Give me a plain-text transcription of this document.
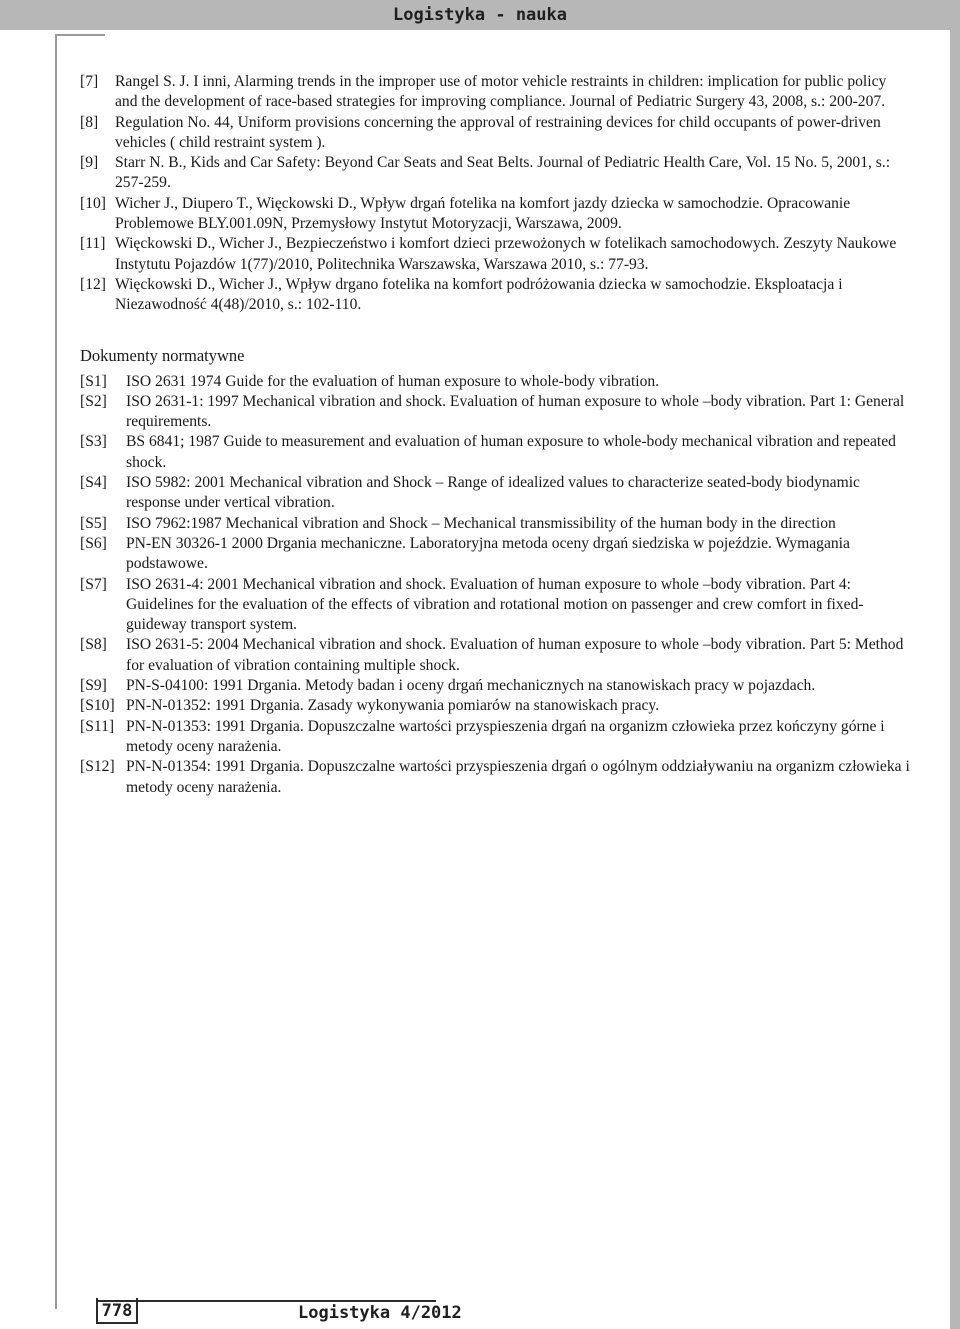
Logistyka - nauka
[7] Rangel S. J. I inni, Alarming trends in the improper use of motor vehicle restraints in children: implication for public policy and the development of race-based strategies for improving compliance. Journal of Pediatric Surgery 43, 2008, s.: 200-207.
[8] Regulation No. 44, Uniform provisions concerning the approval of restraining devices for child occupants of power-driven vehicles ( child restraint system ).
[9] Starr N. B., Kids and Car Safety: Beyond Car Seats and Seat Belts. Journal of Pediatric Health Care, Vol. 15 No. 5, 2001, s.: 257-259.
[10] Wicher J., Diupero T., Więckowski D., Wpływ drgań fotelika na komfort jazdy dziecka w samochodzie. Opracowanie Problemowe BLY.001.09N, Przemysłowy Instytut Motoryzacji, Warszawa, 2009.
[11] Więckowski D., Wicher J., Bezpieczeństwo i komfort dzieci przewożonych w fotelikach samochodowych. Zeszyty Naukowe Instytutu Pojazdów 1(77)/2010, Politechnika Warszawska, Warszawa 2010, s.: 77-93.
[12] Więckowski D., Wicher J., Wpływ drgano fotelika na komfort podróżowania dziecka w samochodzie. Eksploatacja i Niezawodność 4(48)/2010, s.: 102-110.
Dokumenty normatywne
[S1] ISO 2631 1974 Guide for the evaluation of human exposure to whole-body vibration.
[S2] ISO 2631-1: 1997 Mechanical vibration and shock. Evaluation of human exposure to whole –body vibration. Part 1: General requirements.
[S3] BS 6841; 1987 Guide to measurement and evaluation of human exposure to whole-body mechanical vibration and repeated shock.
[S4] ISO 5982: 2001 Mechanical vibration and Shock – Range of idealized values to characterize seated-body biodynamic response under vertical vibration.
[S5] ISO 7962:1987 Mechanical vibration and Shock – Mechanical transmissibility of the human body in the direction
[S6] PN-EN 30326-1 2000 Drgania mechaniczne. Laboratoryjna metoda oceny drgań siedziska w pojeździe. Wymagania podstawowe.
[S7] ISO 2631-4: 2001 Mechanical vibration and shock. Evaluation of human exposure to whole –body vibration. Part 4: Guidelines for the evaluation of the effects of vibration and rotational motion on passenger and crew comfort in fixed-guideway transport system.
[S8] ISO 2631-5: 2004 Mechanical vibration and shock. Evaluation of human exposure to whole –body vibration. Part 5: Method for evaluation of vibration containing multiple shock.
[S9] PN-S-04100: 1991 Drgania. Metody badan i oceny drgań mechanicznych na stanowiskach pracy w pojazdach.
[S10] PN-N-01352: 1991 Drgania. Zasady wykonywania pomiarów na stanowiskach pracy.
[S11] PN-N-01353: 1991 Drgania. Dopuszczalne wartości przyspieszenia drgań na organizm człowieka przez kończyny górne i metody oceny narażenia.
[S12] PN-N-01354: 1991 Drgania. Dopuszczalne wartości przyspieszenia drgań o ogólnym oddziaływaniu na organizm człowieka i metody oceny narażenia.
778	Logistyka 4/2012
